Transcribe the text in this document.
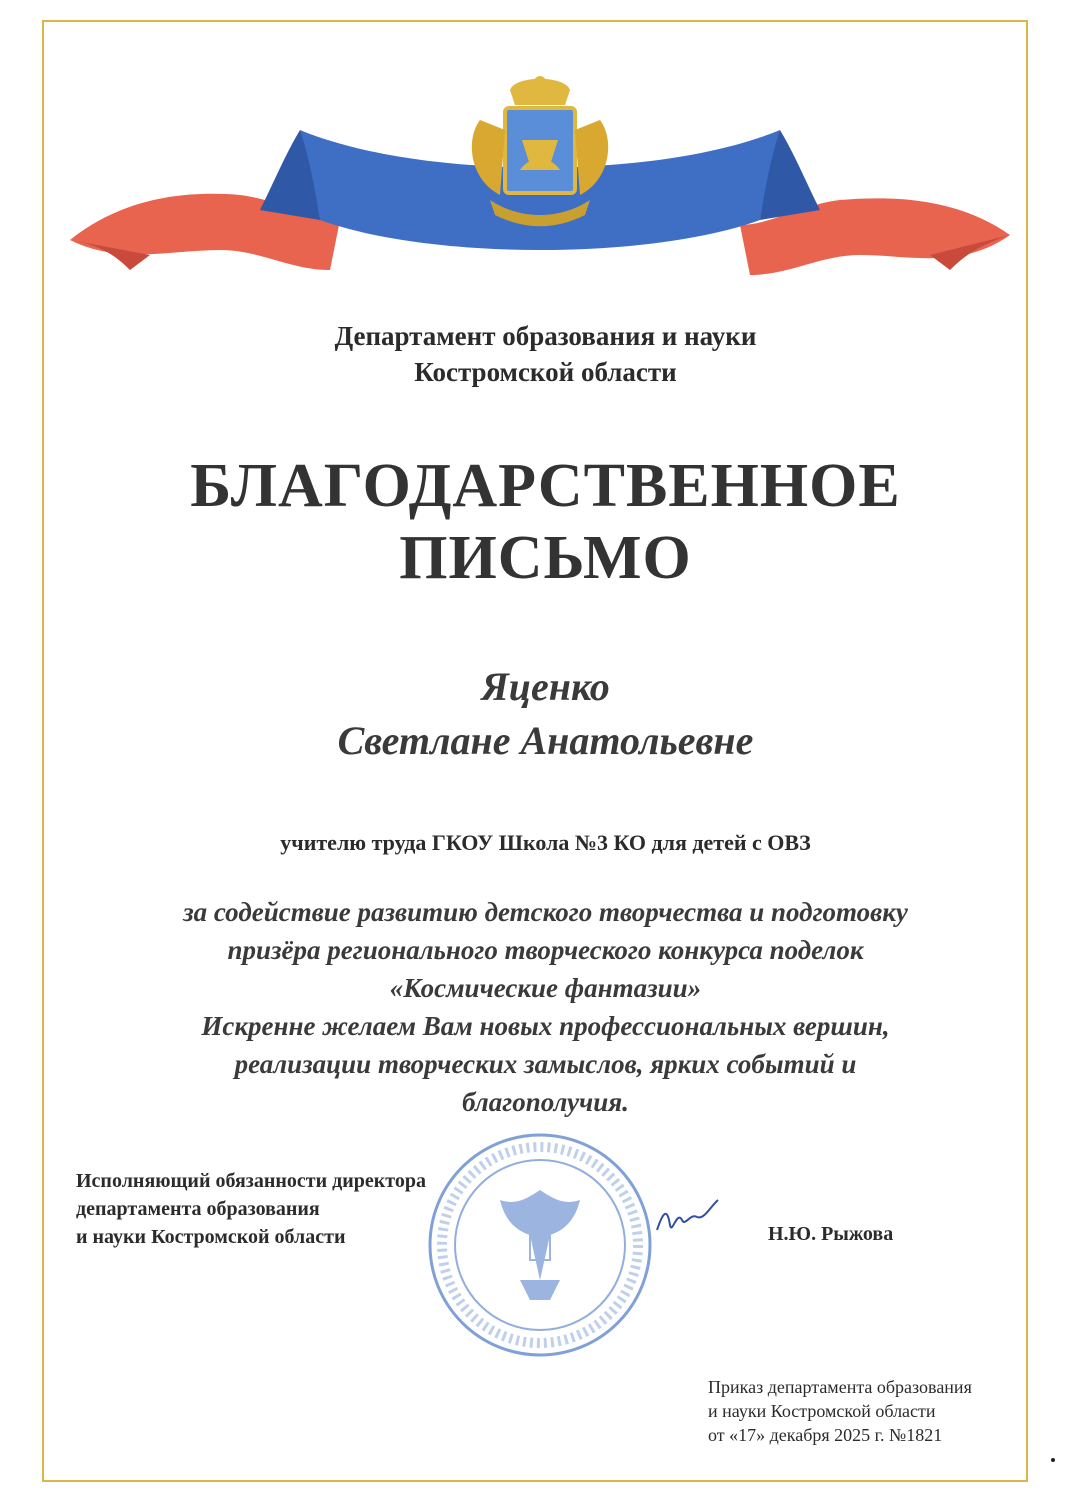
Департамент образования и науки
Костромской области
БЛАГОДАРСТВЕННОЕ
ПИСЬМО
Яценко
Светлане Анатольевне
учителю труда ГКОУ Школа №3 КО для детей с ОВЗ
за содействие развитию детского творчества и подготовку
призёра регионального творческого конкурса поделок
«Космические фантазии»
Искренне желаем Вам новых профессиональных вершин,
реализации творческих замыслов, ярких событий и
благополучия.
Исполняющий обязанности директора
департамента образования
и науки Костромской области	Н.Ю. Рыжова
Приказ департамента образования
и науки Костромской области
от «17» декабря 2025 г. №1821
